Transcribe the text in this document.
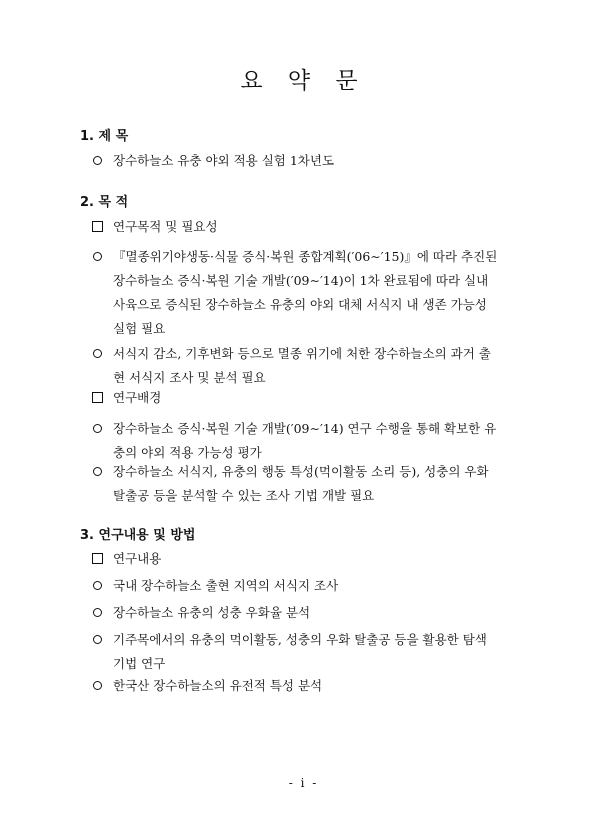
요 약 문
1. 제 목
장수하늘소 유충 야외 적용 실험 1차년도
2. 목 적
연구목적 및 필요성
『멸종위기야생동·식물 증식·복원 종합계획(′06∼′15)』에 따라 추진된
장수하늘소 증식·복원 기술 개발(′09∼′14)이 1차 완료됨에 따라 실내
사육으로 증식된 장수하늘소 유충의 야외 대체 서식지 내 생존 가능성
실험 필요
서식지 감소, 기후변화 등으로 멸종 위기에 처한 장수하늘소의 과거 출
현 서식지 조사 및 분석 필요
연구배경
장수하늘소 증식·복원 기술 개발(′09∼′14) 연구 수행을 통해 확보한 유
충의 야외 적용 가능성 평가
장수하늘소 서식지, 유충의 행동 특성(먹이활동 소리 등), 성충의 우화
탈출공 등을 분석할 수 있는 조사 기법 개발 필요
3. 연구내용 및 방법
연구내용
국내 장수하늘소 출현 지역의 서식지 조사
장수하늘소 유충의 성충 우화율 분석
기주목에서의 유충의 먹이활동, 성충의 우화 탈출공 등을 활용한 탐색
기법 연구
한국산 장수하늘소의 유전적 특성 분석
- i -
